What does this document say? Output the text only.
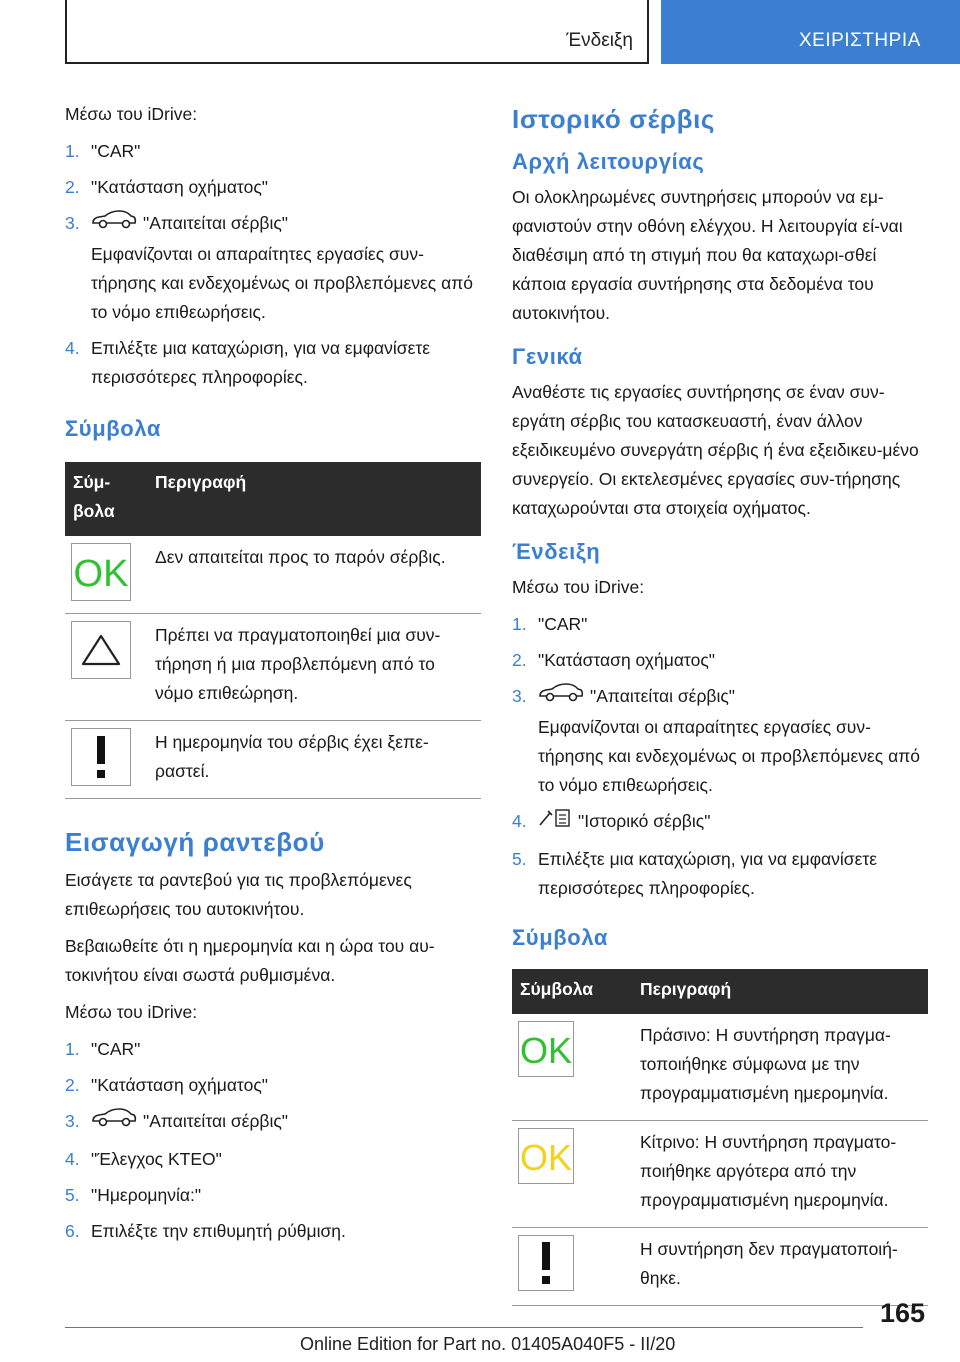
Ένδειξη	ΧΕΙΡΙΣΤΗΡΙΑ

Μέσω του iDrive:

1. "CAR"
2. "Κατάσταση οχήματος"
3.	"Απαιτείται σέρβις"
Εμφανίζονται οι απαραίτητες εργασίες συν-τήρησης και ενδεχομένως οι προβλεπόμενες από το νόμο επιθεωρήσεις.
4. Επιλέξτε μια καταχώριση, για να εμφανίσετε περισσότερες πληροφορίες.
Σύμβολα
Σύμ-βολα	Περιγραφή

OK	Δεν απαιτείται προς το παρόν σέρβις.

	Πρέπει να πραγματοποιηθεί μια συν-τήρηση ή μια προβλεπόμενη από το νόμο επιθεώρηση.

	Η ημερομηνία του σέρβις έχει ξεπε-ραστεί.
Εισαγωγή ραντεβού

Εισάγετε τα ραντεβού για τις προβλεπόμενες επιθεωρήσεις του αυτοκινήτου.

Βεβαιωθείτε ότι η ημερομηνία και η ώρα του αυ-τοκινήτου είναι σωστά ρυθμισμένα.

Μέσω του iDrive:

1. "CAR"
2. "Κατάσταση οχήματος"
3.	"Απαιτείται σέρβις"
4. "Έλεγχος ΚΤΕΟ"
5. "Ημερομηνία:"
6. Επιλέξτε την επιθυμητή ρύθμιση.
Ιστορικό σέρβις
Αρχή λειτουργίας

Οι ολοκληρωμένες συντηρήσεις μπορούν να εμ-φανιστούν στην οθόνη ελέγχου. Η λειτουργία εί-ναι διαθέσιμη από τη στιγμή που θα καταχωρι-σθεί κάποια εργασία συντήρησης στα δεδομένα του αυτοκινήτου.

Γενικά

Αναθέστε τις εργασίες συντήρησης σε έναν συν-εργάτη σέρβις του κατασκευαστή, έναν άλλον εξειδικευμένο συνεργάτη σέρβις ή ένα εξειδικευ-μένο συνεργείο. Οι εκτελεσμένες εργασίες συν-τήρησης καταχωρούνται στα στοιχεία οχήματος.

Ένδειξη

Μέσω του iDrive:

1. "CAR"
2. "Κατάσταση οχήματος"
3.	"Απαιτείται σέρβις"
Εμφανίζονται οι απαραίτητες εργασίες συν-τήρησης και ενδεχομένως οι προβλεπόμενες από το νόμο επιθεωρήσεις.
4.	"Ιστορικό σέρβις"
5. Επιλέξτε μια καταχώριση, για να εμφανίσετε περισσότερες πληροφορίες.
Σύμβολα
Σύμβολα	Περιγραφή

OK	Πράσινο: Η συντήρηση πραγμα-τοποιήθηκε σύμφωνα με την προγραμματισμένη ημερομηνία.

OK	Κίτρινο: Η συντήρηση πραγματο-ποιήθηκε αργότερα από την προγραμματισμένη ημερομηνία.

	Η συντήρηση δεν πραγματοποιή-θηκε.
165
Online Edition for Part no. 01405A040F5 - II/20
